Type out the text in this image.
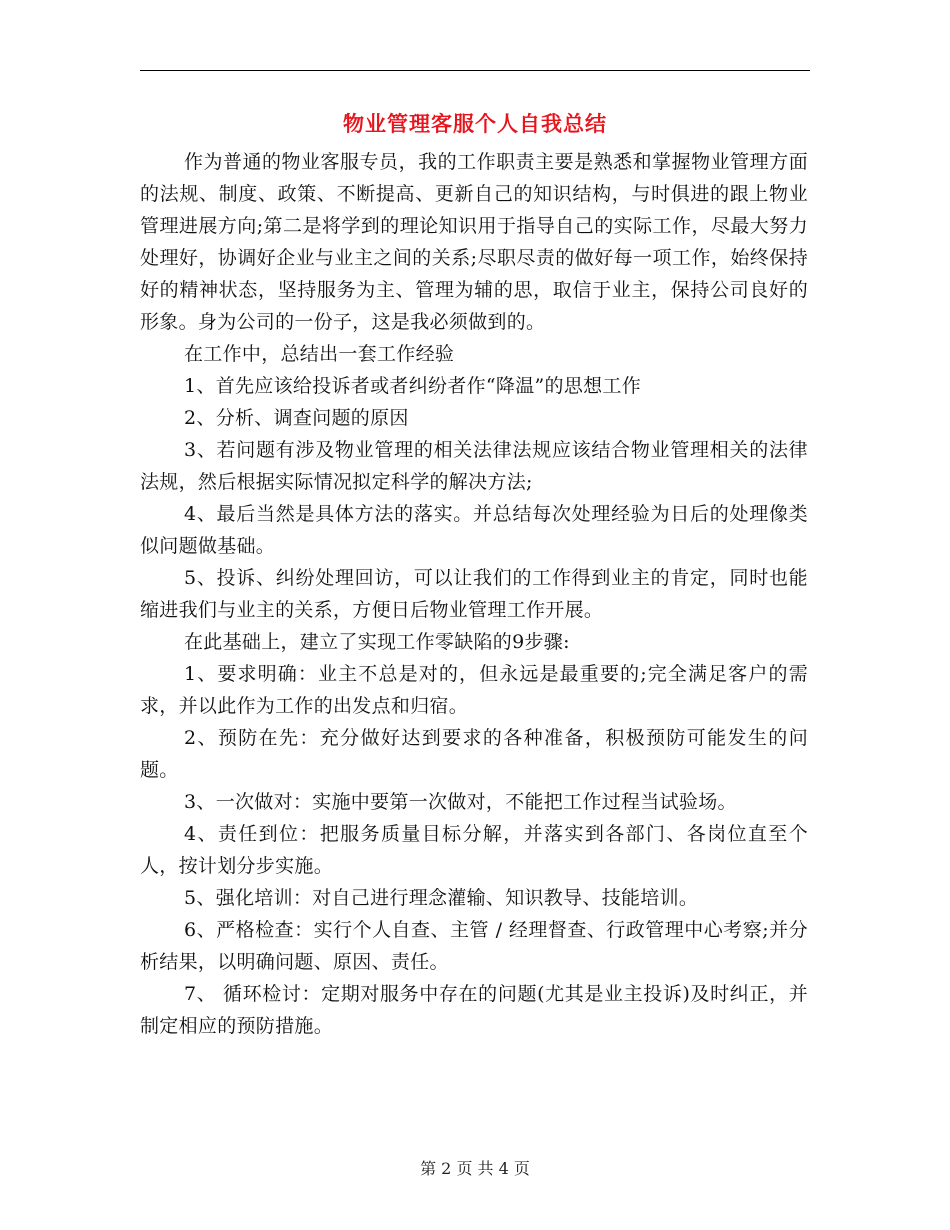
物业管理客服个人自我总结

作为普通的物业客服专员，我的工作职责主要是熟悉和掌握物业管理方面的法规、制度、政策、不断提高、更新自己的知识结构，与时俱进的跟上物业管理进展方向;第二是将学到的理论知识用于指导自己的实际工作，尽最大努力处理好，协调好企业与业主之间的关系;尽职尽责的做好每一项工作，始终保持好的精神状态，坚持服务为主、管理为辅的思，取信于业主，保持公司良好的形象。身为公司的一份子，这是我必须做到的。

在工作中，总结出一套工作经验

1、首先应该给投诉者或者纠纷者作“降温”的思想工作

2、分析、调查问题的原因

3、若问题有涉及物业管理的相关法律法规应该结合物业管理相关的法律法规，然后根据实际情况拟定科学的解决方法;

4、最后当然是具体方法的落实。并总结每次处理经验为日后的处理像类似问题做基础。

5、投诉、纠纷处理回访，可以让我们的工作得到业主的肯定，同时也能缩进我们与业主的关系，方便日后物业管理工作开展。

在此基础上，建立了实现工作零缺陷的9步骤:

1、要求明确：业主不总是对的，但永远是最重要的;完全满足客户的需求，并以此作为工作的出发点和归宿。

2、预防在先：充分做好达到要求的各种准备，积极预防可能发生的问题。

3、一次做对：实施中要第一次做对，不能把工作过程当试验场。

4、责任到位：把服务质量目标分解，并落实到各部门、各岗位直至个人，按计划分步实施。

5、强化培训：对自己进行理念灌输、知识教导、技能培训。

6、严格检查：实行个人自查、主管 / 经理督查、行政管理中心考察;并分析结果，以明确问题、原因、责任。

7、 循环检讨：定期对服务中存在的问题(尤其是业主投诉)及时纠正，并制定相应的预防措施。

第 2 页 共 4 页
